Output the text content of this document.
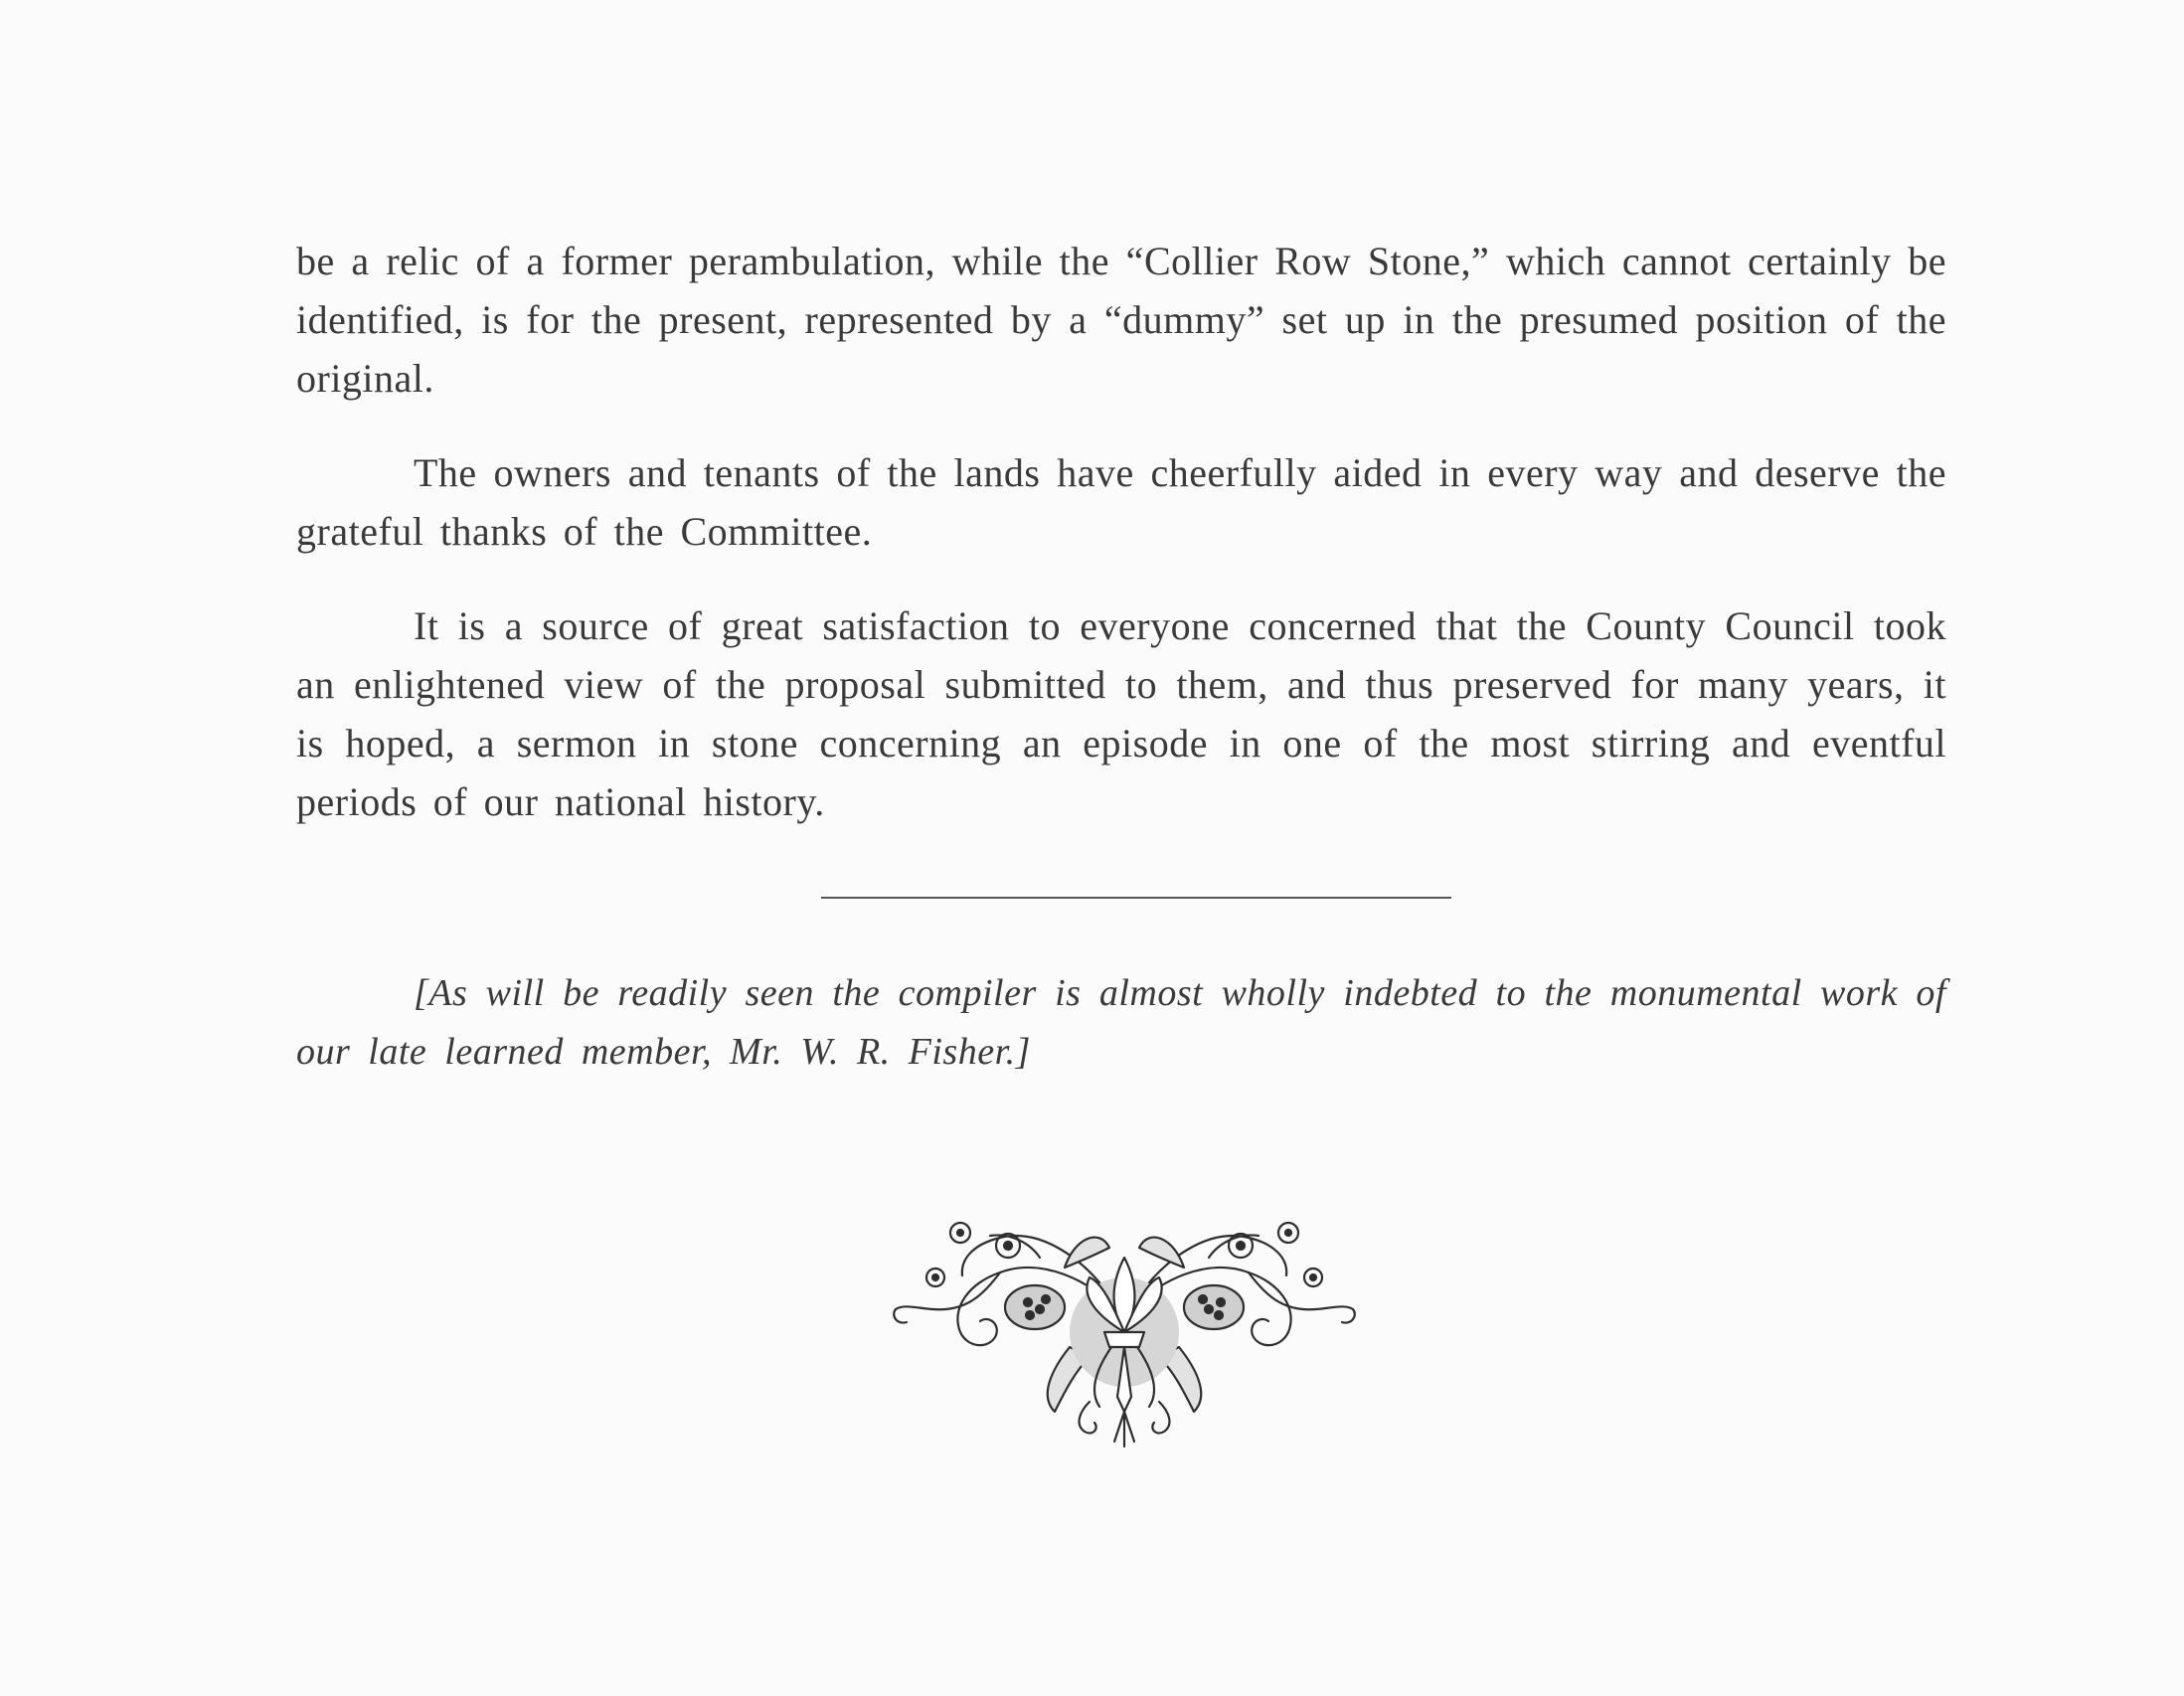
be a relic of a former perambulation, while the “Collier Row Stone,” which cannot certainly be identified, is for the present, represented by a “dummy” set up in the presumed position of the original.

The owners and tenants of the lands have cheerfully aided in every way and deserve the grateful thanks of the Committee.

It is a source of great satisfaction to everyone concerned that the County Council took an enlightened view of the proposal submitted to them, and thus preserved for many years, it is hoped, a sermon in stone concerning an episode in one of the most stirring and eventful periods of our national history.

[As will be readily seen the compiler is almost wholly indebted to the monumental work of our late learned member, Mr. W. R. Fisher.]
